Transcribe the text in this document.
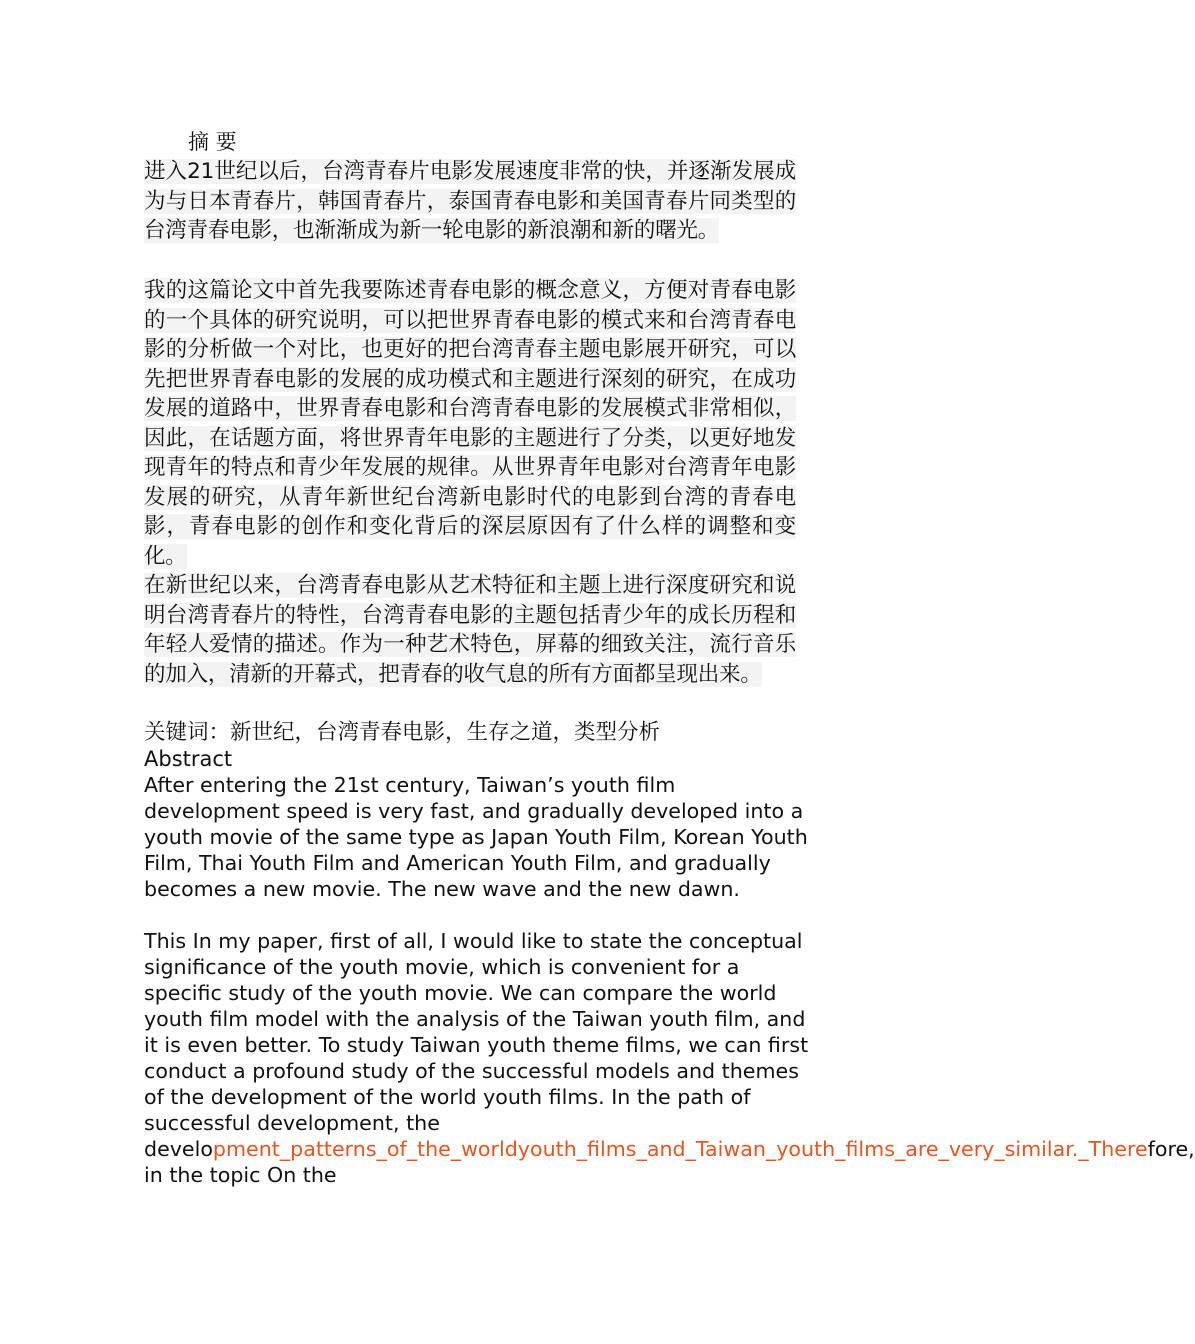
摘 要
进入21世纪以后，台湾青春片电影发展速度非常的快，并逐渐发展成为与日本青春片，韩国青春片，泰国青春电影和美国青春片同类型的台湾青春电影，也渐渐成为新一轮电影的新浪潮和新的曙光。
我的这篇论文中首先我要陈述青春电影的概念意义，方便对青春电影的一个具体的研究说明，可以把世界青春电影的模式来和台湾青春电影的分析做一个对比，也更好的把台湾青春主题电影展开研究，可以先把世界青春电影的发展的成功模式和主题进行深刻的研究，在成功发展的道路中，世界青春电影和台湾青春电影的发展模式非常相似，因此，在话题方面，将世界青年电影的主题进行了分类，以更好地发现青年的特点和青少年发展的规律。从世界青年电影对台湾青年电影发展的研究，从青年新世纪台湾新电影时代的电影到台湾的青春电影，青春电影的创作和变化背后的深层原因有了什么样的调整和变化。
在新世纪以来，台湾青春电影从艺术特征和主题上进行深度研究和说明台湾青春片的特性，台湾青春电影的主题包括青少年的成长历程和年轻人爱情的描述。作为一种艺术特色，屏幕的细致关注，流行音乐的加入，清新的开幕式，把青春的收气息的所有方面都呈现出来。
关键词：新世纪，台湾青春电影，生存之道，类型分析
Abstract
After entering the 21st century, Taiwan’s youth film development speed is very fast, and gradually developed into a youth movie of the same type as Japan Youth Film, Korean Youth Film, Thai Youth Film and American Youth Film, and gradually becomes a new movie. The new wave and the new dawn.
This In my paper, first of all, I would like to state the conceptual significance of the youth movie, which is convenient for a specific study of the youth movie. We can compare the world youth film model with the analysis of the Taiwan youth film, and it is even better. To study Taiwan youth theme films, we can first conduct a profound study of the successful models and themes of the development of the world youth films. In the path of successful development, the development_patterns_of_the_worldyouth_films_and_Taiwan_youth_films_are_very_similar._Therefore, in the topic On the
